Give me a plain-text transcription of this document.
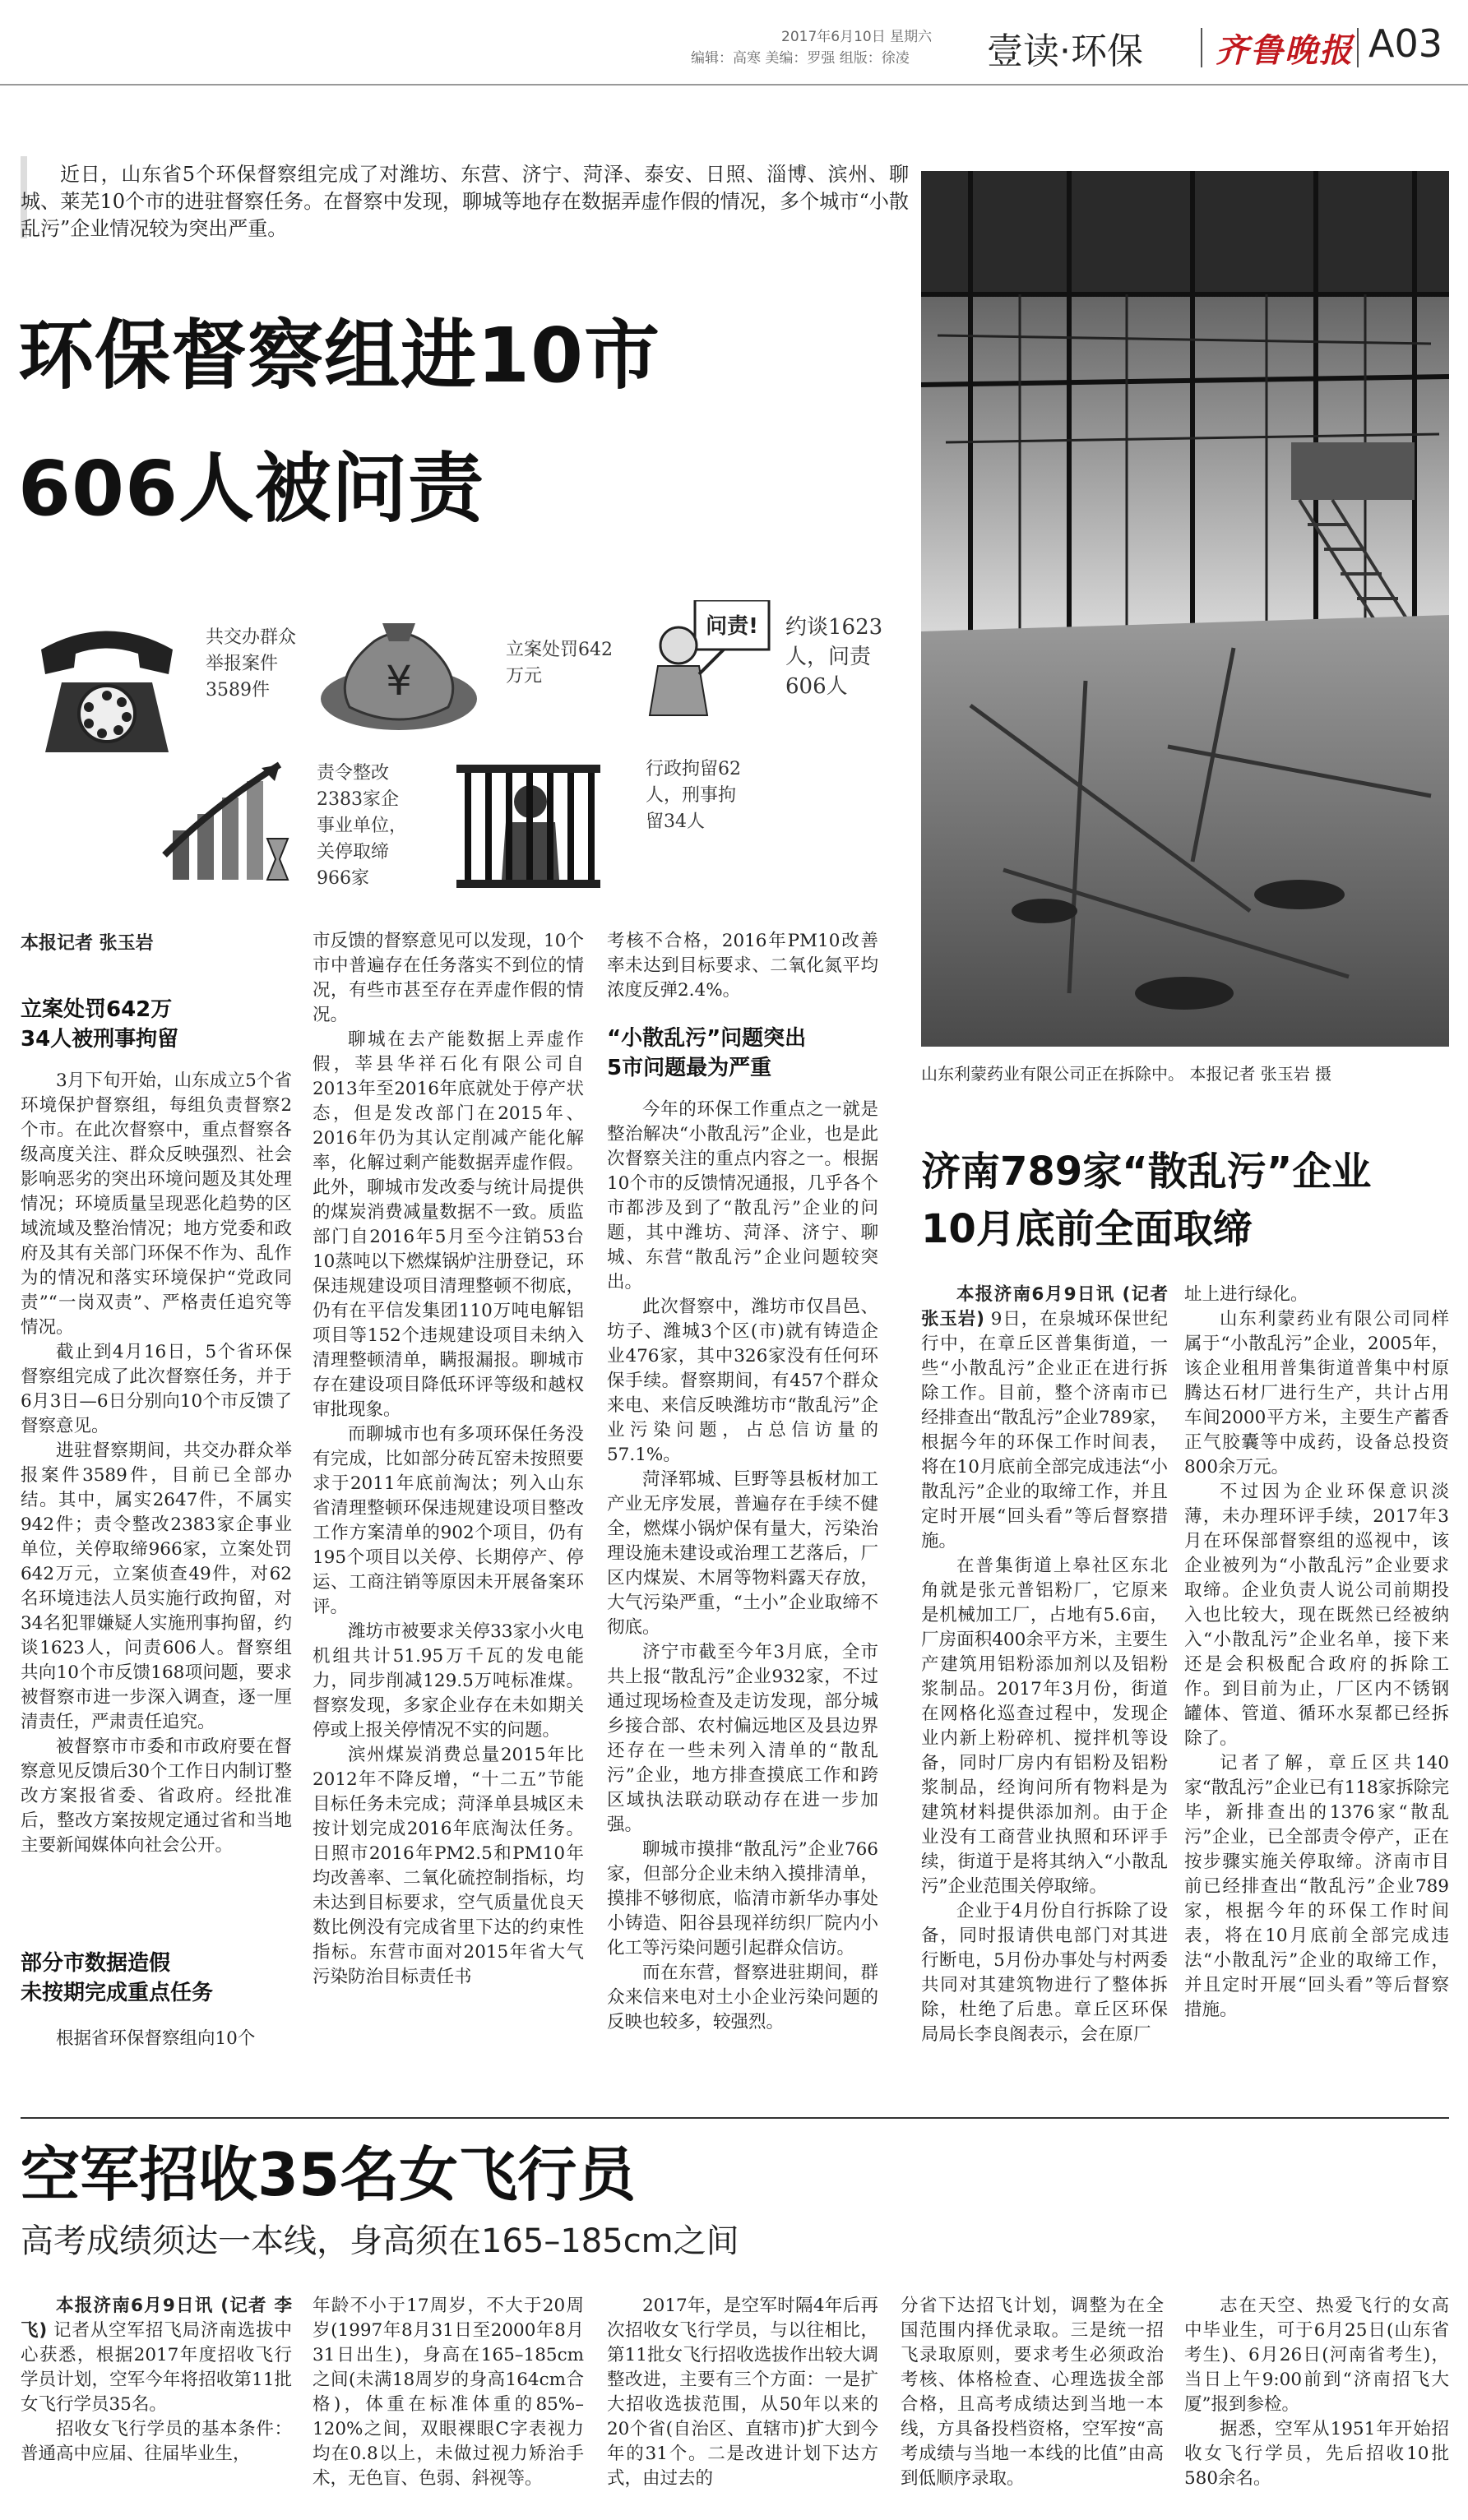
2017年6月10日 星期六
编辑：高寒 美编：罗强 组版：徐凌 壹读·环保 齐鲁晚报 A03
近日，山东省5个环保督察组完成了对潍坊、东营、济宁、菏泽、泰安、日照、淄博、滨州、聊城、莱芜10个市的进驻督察任务。在督察中发现，聊城等地存在数据弄虚作假的情况，多个城市“小散乱污”企业情况较为突出严重。
环保督察组进10市
606人被问责
共交办群众举报案件3589件	¥
立案处罚642万元
问责! 约谈1623人，问责606人
责令整改2383家企事业单位，关停取缔966家
行政拘留62人，刑事拘留34人
本报记者 张玉岩
立案处罚642万
34人被刑事拘留

3月下旬开始，山东成立5个省环境保护督察组，每组负责督察2个市。在此次督察中，重点督察各级高度关注、群众反映强烈、社会影响恶劣的突出环境问题及其处理情况；环境质量呈现恶化趋势的区域流域及整治情况；地方党委和政府及其有关部门环保不作为、乱作为的情况和落实环境保护“党政同责”“一岗双责”、严格责任追究等情况。

截止到4月16日，5个省环保督察组完成了此次督察任务，并于6月3日—6日分别向10个市反馈了督察意见。

进驻督察期间，共交办群众举报案件3589件，目前已全部办结。其中，属实2647件，不属实942件；责令整改2383家企事业单位，关停取缔966家，立案处罚642万元，立案侦查49件，对62名环境违法人员实施行政拘留，对34名犯罪嫌疑人实施刑事拘留，约谈1623人，问责606人。督察组共向10个市反馈168项问题，要求被督察市进一步深入调查，逐一厘清责任，严肃责任追究。

被督察市市委和市政府要在督察意见反馈后30个工作日内制订整改方案报省委、省政府。经批准后，整改方案按规定通过省和当地主要新闻媒体向社会公开。

部分市数据造假
未按期完成重点任务

根据省环保督察组向10个

市反馈的督察意见可以发现，10个市中普遍存在任务落实不到位的情况，有些市甚至存在弄虚作假的情况。

聊城在去产能数据上弄虚作假，莘县华祥石化有限公司自2013年至2016年底就处于停产状态，但是发改部门在2015年、2016年仍为其认定削减产能化解率，化解过剩产能数据弄虚作假。此外，聊城市发改委与统计局提供的煤炭消费减量数据不一致。质监部门自2016年5月至今注销53台10蒸吨以下燃煤锅炉注册登记，环保违规建设项目清理整顿不彻底，仍有在平信发集团110万吨电解铝项目等152个违规建设项目未纳入清理整顿清单，瞒报漏报。聊城市存在建设项目降低环评等级和越权审批现象。

而聊城市也有多项环保任务没有完成，比如部分砖瓦窑未按照要求于2011年底前淘汰；列入山东省清理整顿环保违规建设项目整改工作方案清单的902个项目，仍有195个项目以关停、长期停产、停运、工商注销等原因未开展备案环评。

潍坊市被要求关停33家小火电机组共计51.95万千瓦的发电能力，同步削减129.5万吨标准煤。督察发现，多家企业存在未如期关停或上报关停情况不实的问题。

滨州煤炭消费总量2015年比2012年不降反增，“十二五”节能目标任务未完成；菏泽单县城区未按计划完成2016年底淘汰任务。日照市2016年PM2.5和PM10年均改善率、二氧化硫控制指标，均未达到目标要求，空气质量优良天数比例没有完成省里下达的约束性指标。东营市面对2015年省大气污染防治目标责任书

考核不合格，2016年PM10改善率未达到目标要求、二氧化氮平均浓度反弹2.4%。

“小散乱污”问题突出
5市问题最为严重

今年的环保工作重点之一就是整治解决“小散乱污”企业，也是此次督察关注的重点内容之一。根据10个市的反馈情况通报，几乎各个市都涉及到了“散乱污”企业的问题，其中潍坊、菏泽、济宁、聊城、东营“散乱污”企业问题较突出。

此次督察中，潍坊市仅昌邑、坊子、潍城3个区(市)就有铸造企业476家，其中326家没有任何环保手续。督察期间，有457个群众来电、来信反映潍坊市“散乱污”企业污染问题，占总信访量的57.1%。

菏泽郓城、巨野等县板材加工产业无序发展，普遍存在手续不健全，燃煤小锅炉保有量大，污染治理设施未建设或治理工艺落后，厂区内煤炭、木屑等物料露天存放，大气污染严重，“土小”企业取缔不彻底。

济宁市截至今年3月底，全市共上报“散乱污”企业932家，不过通过现场检查及走访发现，部分城乡接合部、农村偏远地区及县边界还存在一些未列入清单的“散乱污”企业，地方排查摸底工作和跨区域执法联动联动存在进一步加强。

聊城市摸排“散乱污”企业766家，但部分企业未纳入摸排清单，摸排不够彻底，临清市新华办事处小铸造、阳谷县现祥纺织厂院内小化工等污染问题引起群众信访。

而在东营，督察进驻期间，群众来信来电对土小企业污染问题的反映也较多，较强烈。

山东利蒙药业有限公司正在拆除中。 本报记者 张玉岩 摄
济南789家“散乱污”企业
10月底前全面取缔

本报济南6月9日讯 (记者 张玉岩) 9日，在泉城环保世纪行中，在章丘区普集街道，一些“小散乱污”企业正在进行拆除工作。目前，整个济南市已经排查出“散乱污”企业789家，根据今年的环保工作时间表，将在10月底前全部完成违法“小散乱污”企业的取缔工作，并且定时开展“回头看”等后督察措施。

在普集街道上皋社区东北角就是张元普铝粉厂，它原来是机械加工厂，占地有5.6亩，厂房面积400余平方米，主要生产建筑用铝粉添加剂以及铝粉浆制品。2017年3月份，街道在网格化巡查过程中，发现企业内新上粉碎机、搅拌机等设备，同时厂房内有铝粉及铝粉浆制品，经询问所有物料是为建筑材料提供添加剂。由于企业没有工商营业执照和环评手续，街道于是将其纳入“小散乱污”企业范围关停取缔。

企业于4月份自行拆除了设备，同时报请供电部门对其进行断电，5月份办事处与村两委共同对其建筑物进行了整体拆除，杜绝了后患。章丘区环保局局长李良阁表示，会在原厂

址上进行绿化。

山东利蒙药业有限公司同样属于“小散乱污”企业，2005年，该企业租用普集街道普集中村原腾达石材厂进行生产，共计占用车间2000平方米，主要生产蓄香正气胶囊等中成药，设备总投资800余万元。

不过因为企业环保意识淡薄，未办理环评手续，2017年3月在环保部督察组的巡视中，该企业被列为“小散乱污”企业要求取缔。企业负责人说公司前期投入也比较大，现在既然已经被纳入“小散乱污”企业名单，接下来还是会积极配合政府的拆除工作。到目前为止，厂区内不锈钢罐体、管道、循环水泵都已经拆除了。

记者了解，章丘区共140家“散乱污”企业已有118家拆除完毕，新排查出的1376家“散乱污”企业，已全部责令停产，正在按步骤实施关停取缔。济南市目前已经排查出“散乱污”企业789家，根据今年的环保工作时间表，将在10月底前全部完成违法“小散乱污”企业的取缔工作，并且定时开展“回头看”等后督察措施。

空军招收35名女飞行员
高考成绩须达一本线，身高须在165–185cm之间

本报济南6月9日讯 (记者 李飞) 记者从空军招飞局济南选拔中心获悉，根据2017年度招收飞行学员计划，空军今年将招收第11批女飞行学员35名。

招收女飞行学员的基本条件：普通高中应届、往届毕业生，

年龄不小于17周岁，不大于20周岁(1997年8月31日至2000年8月31日出生)，身高在165–185cm之间(未满18周岁的身高164cm合格)，体重在标准体重的85%–120%之间，双眼裸眼C字表视力均在0.8以上，未做过视力矫治手术，无色盲、色弱、斜视等。

2017年，是空军时隔4年后再次招收女飞行学员，与以往相比，第11批女飞行招收选拔作出较大调整改进，主要有三个方面：一是扩大招收选拔范围，从50年以来的20个省(自治区、直辖市)扩大到今年的31个。二是改进计划下达方式，由过去的

分省下达招飞计划，调整为在全国范围内择优录取。三是统一招飞录取原则，要求考生必须政治考核、体格检查、心理选拔全部合格，且高考成绩达到当地一本线，方具备投档资格，空军按“高考成绩与当地一本线的比值”由高到低顺序录取。

志在天空、热爱飞行的女高中毕业生，可于6月25日(山东省考生)、6月26日(河南省考生)，当日上午9:00前到“济南招飞大厦”报到参检。

据悉，空军从1951年开始招收女飞行学员，先后招收10批580余名。
